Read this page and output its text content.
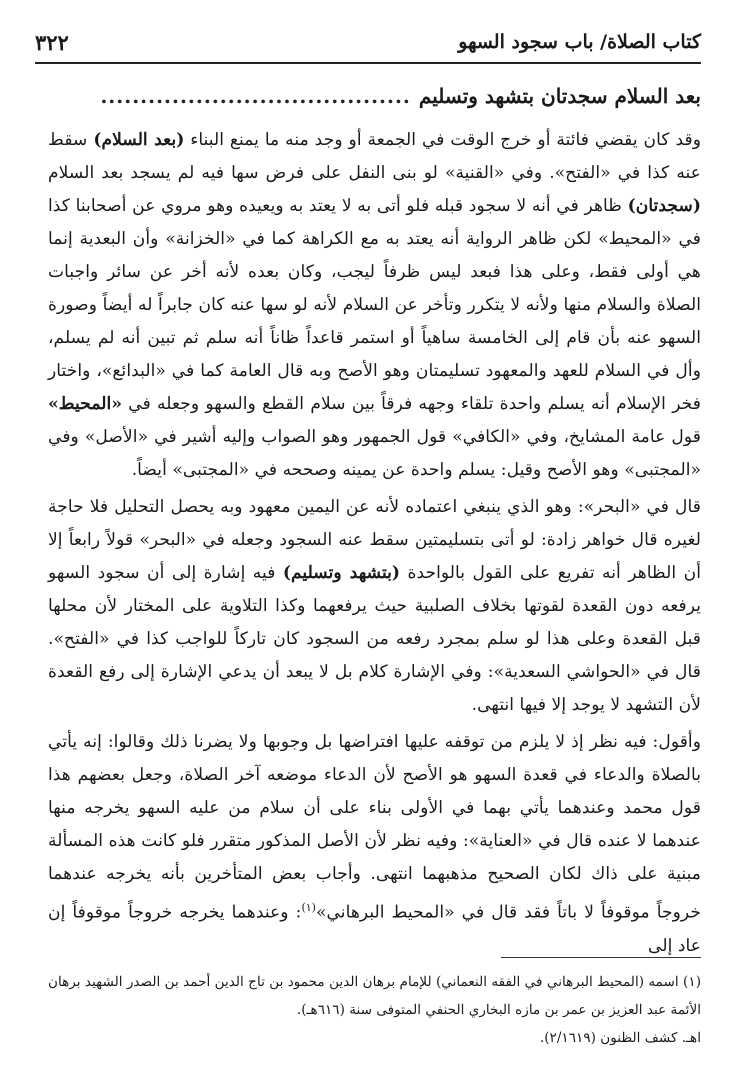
كتاب الصلاة/ باب سجود السهو
٣٢٢
بعد السلام سجدتان بتشهد وتسليم
.......................................

وقد كان يقضي فائتة أو خرج الوقت في الجمعة أو وجد منه ما يمنع البناء (بعد السلام) سقط عنه كذا في «الفتح». وفي «القنية» لو بنى النفل على فرض سها فيه لم يسجد بعد السلام (سجدتان) ظاهر في أنه لا سجود قبله فلو أتى به لا يعتد به ويعيده وهو مروي عن أصحابنا كذا في «المحيط» لكن ظاهر الرواية أنه يعتد به مع الكراهة كما في «الخزانة» وأن البعدية إنما هي أولى فقط، وعلى هذا فبعد ليس ظرفاً ليجب، وكان بعده لأنه أخر عن سائر واجبات الصلاة والسلام منها ولأنه لا يتكرر وتأخر عن السلام لأنه لو سها عنه كان جابراً له أيضاً وصورة السهو عنه بأن قام إلى الخامسة ساهياً أو استمر قاعداً ظاناً أنه سلم ثم تبين أنه لم يسلم، وأل في السلام للعهد والمعهود تسليمتان وهو الأصح وبه قال العامة كما في «البدائع»، واختار فخر الإسلام أنه يسلم واحدة تلقاء وجهه فرقاً بين سلام القطع والسهو وجعله في «المحيط» قول عامة المشايخ، وفي «الكافي» قول الجمهور وهو الصواب وإليه أشير في «الأصل» وفي «المجتبى» وهو الأصح وقيل: يسلم واحدة عن يمينه وصححه في «المجتبى» أيضاً.

قال في «البحر»: وهو الذي ينبغي اعتماده لأنه عن اليمين معهود وبه يحصل التحليل فلا حاجة لغيره قال خواهر زادة: لو أتى بتسليمتين سقط عنه السجود وجعله في «البحر» قولاً رابعاً إلا أن الظاهر أنه تفريع على القول بالواحدة (بتشهد وتسليم) فيه إشارة إلى أن سجود السهو يرفعه دون القعدة لقوتها بخلاف الصلبية حيث يرفعهما وكذا التلاوية على المختار لأن محلها قبل القعدة وعلى هذا لو سلم بمجرد رفعه من السجود كان تاركاً للواجب كذا في «الفتح». قال في «الحواشي السعدية»: وفي الإشارة كلام بل لا يبعد أن يدعي الإشارة إلى رفع القعدة لأن التشهد لا يوجد إلا فيها انتهى.

وأقول: فيه نظر إذ لا يلزم من توقفه عليها افتراضها بل وجوبها ولا يضرنا ذلك وقالوا: إنه يأتي بالصلاة والدعاء في قعدة السهو هو الأصح لأن الدعاء موضعه آخر الصلاة، وجعل بعضهم هذا قول محمد وعندهما يأتي بهما في الأولى بناء على أن سلام من عليه السهو يخرجه منها عندهما لا عنده قال في «العناية»: وفيه نظر لأن الأصل المذكور متقرر فلو كانت هذه المسألة مبنية على ذاك لكان الصحيح مذهبهما انتهى. وأجاب بعض المتأخرين بأنه يخرجه عندهما خروجاً موقوفاً لا باتاً فقد قال في «المحيط البرهاني»$^{(١)}$: وعندهما يخرجه خروجاً موقوفاً إن عاد إلى

(١) اسمه (المحيط البرهاني في الفقه النعماني) للإمام برهان الدين محمود بن تاج الدين أحمد بن الصدر الشهيد برهان الأئمة عبد العزيز بن عمر بن مازه البخاري الحنفي المتوفى سنة (٦١٦هـ).

اهـ. كشف الظنون (٢/١٦١٩).
